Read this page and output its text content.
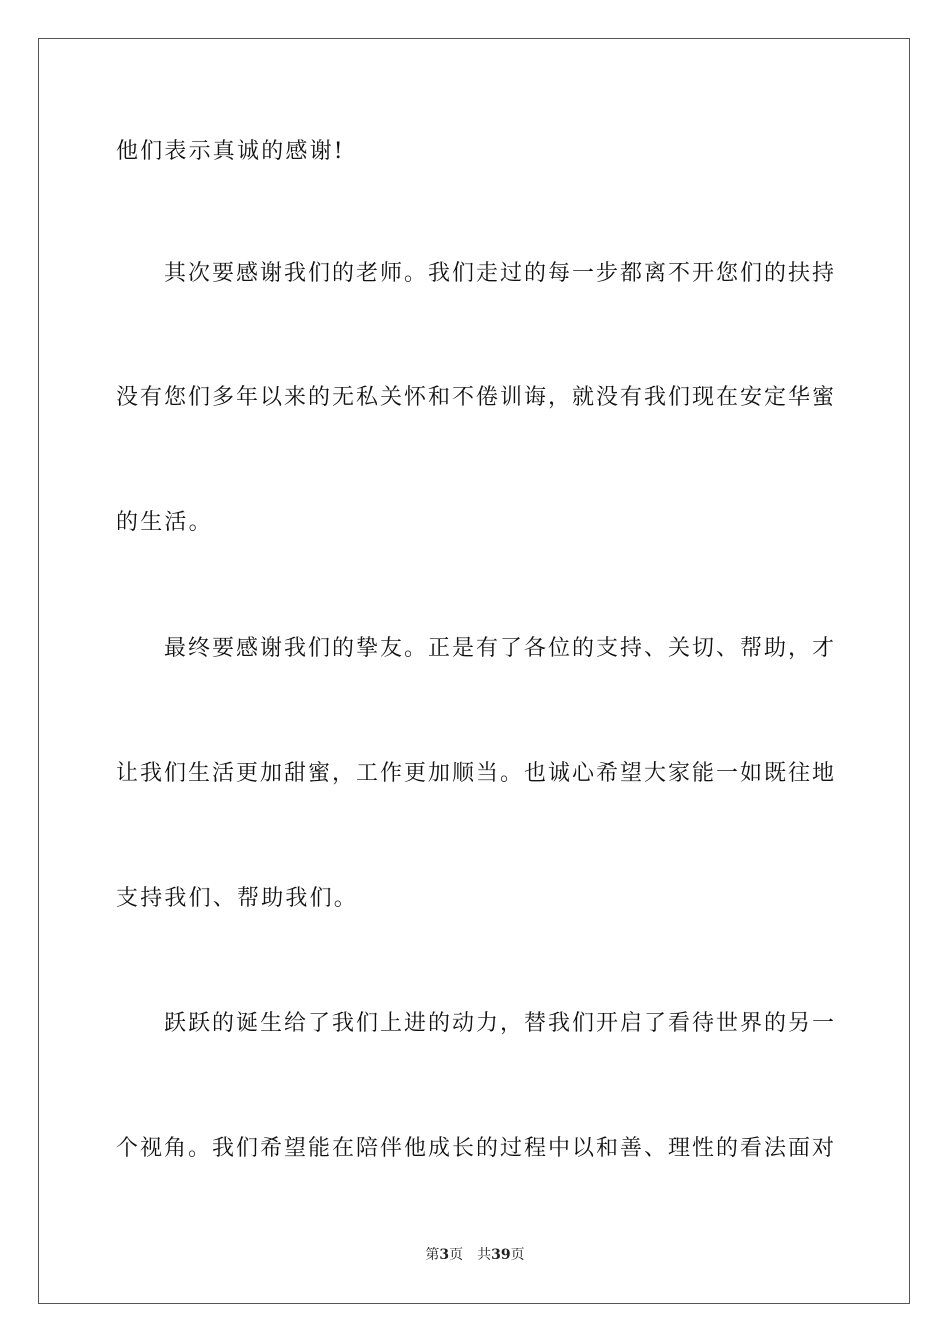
他们表示真诚的感谢!
其次要感谢我们的老师。我们走过的每一步都离不开您们的扶持
没有您们多年以来的无私关怀和不倦训诲，就没有我们现在安定华蜜
的生活。
最终要感谢我们的挚友。正是有了各位的支持、关切、帮助，才
让我们生活更加甜蜜，工作更加顺当。也诚心希望大家能一如既往地
支持我们、帮助我们。
跃跃的诞生给了我们上进的动力，替我们开启了看待世界的另一
个视角。我们希望能在陪伴他成长的过程中以和善、理性的看法面对
第3页 共39页
